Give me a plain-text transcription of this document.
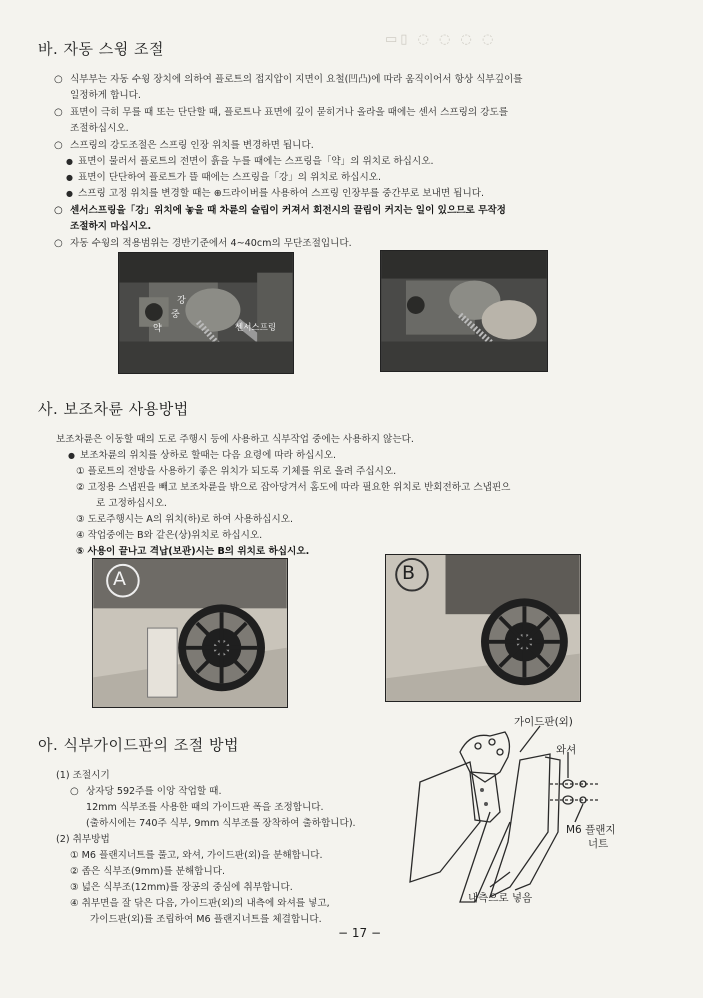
▭▯ ◌ ◌ ◌ ◌
바. 자동 스윙 조절
○ 식부부는 자동 수윙 장치에 의하여 플로트의 접지압이 지면이 요철(凹凸)에 따라 움직이어서 항상 식부깊이를
일정하게 합니다.
○ 표면이 극히 무를 때 또는 단단할 때, 플로트나 표면에 깊이 묻히거나 올라올 때에는 센서 스프링의 강도를
조절하십시오.
○ 스프링의 강도조절은 스프링 인장 위치를 변경하면 됩니다.
● 표면이 물러서 플로트의 전면이 흙을 누를 때에는 스프링을「약」의 위치로 하십시오.
● 표면이 단단하여 플로트가 뜰 때에는 스프링을「강」의 위치로 하십시오.
● 스프링 고정 위치를 변경할 때는 ⊕드라이버를 사용하여 스프링 인장부를 중간부로 보내면 됩니다.
○ 센서스프링을「강」위치에 놓을 때 차륜의 슬립이 커져서 회전시의 끌림이 커지는 일이 있으므로 무작정
조절하지 마십시오.
○ 자동 수윙의 적용범위는 경반기준에서 4~40cm의 무단조절입니다.
강
중
약	센서스프링
사. 보조차륜 사용방법
보조차륜은 이동할 때의 도로 주행시 등에 사용하고 식부작업 중에는 사용하지 않는다.
● 보조차륜의 위치를 상하로 할때는 다음 요령에 따라 하십시오.
① 플로트의 전방을 사용하기 좋은 위치가 되도록 기체를 위로 올려 주십시오.
② 고정용 스냅핀을 빼고 보조차륜을 밖으로 잡아당겨서 홈도에 따라 필요한 위치로 반회전하고 스냅핀으
로 고정하십시오.
③ 도로주행시는 A의 위치(하)로 하여 사용하십시오.
④ 작업중에는 B와 같은(상)위치로 하십시오.
⑤ 사용이 끝나고 격납(보관)시는 B의 위치로 하십시오.
A	B
아. 식부가이드판의 조절 방법
(1) 조절시기
○ 상자당 592주를 이앙 작업할 때.
12mm 식부조를 사용한 때의 가이드판 폭을 조정합니다.
(출하시에는 740주 식부, 9mm 식부조를 장착하여 출하합니다).
(2) 취부방법
① M6 플랜지너트를 풀고, 와셔, 가이드판(외)을 분해합니다.
② 좁은 식부조(9mm)를 분해합니다.
③ 넓은 식부조(12mm)를 장공의 중심에 취부합니다.
④ 취부면을 잘 닦은 다음, 가이드판(외)의 내측에 와셔를 넣고,
가이드판(외)를 조립하여 M6 플랜지너트를 체결합니다.
가이드판(외)
와셔
M6 플랜지
너트
내측으로 넣음
− 17 −
